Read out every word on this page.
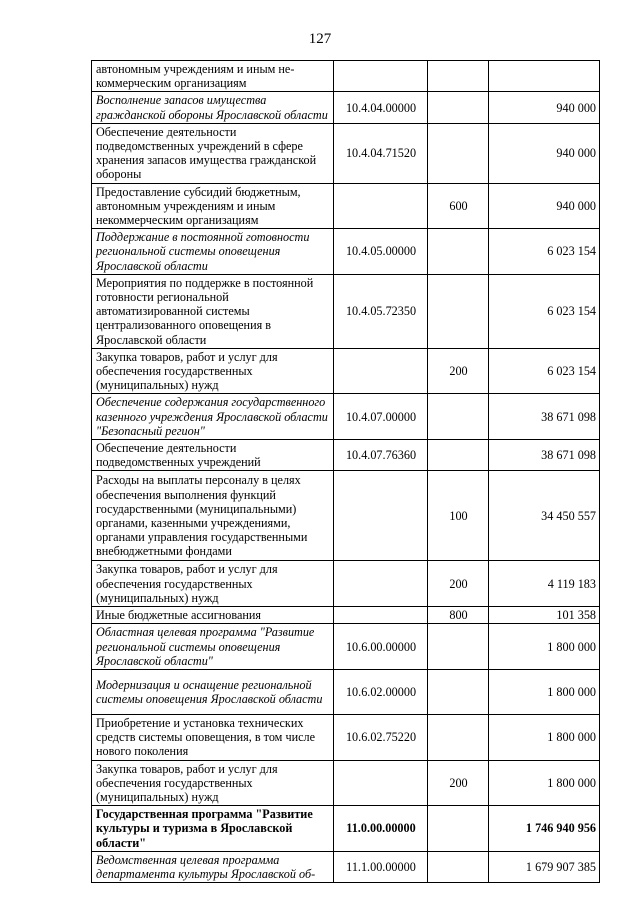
127
автономным учреждениям и иным не-коммерческим организациям			
Восполнение запасов имущества гражданской обороны Ярославской области	10.4.04.00000		940 000
Обеспечение деятельности подведомственных учреждений в сфере хранения запасов имущества гражданской обороны	10.4.04.71520		940 000
Предоставление субсидий бюджетным, автономным учреждениям и иным некоммерческим организациям		600	940 000
Поддержание в постоянной готовности региональной системы оповещения Ярославской области	10.4.05.00000		6 023 154
Мероприятия по поддержке в постоянной готовности региональной автоматизированной системы централизованного оповещения в Ярославской области	10.4.05.72350		6 023 154
Закупка товаров, работ и услуг для обеспечения государственных (муниципальных) нужд		200	6 023 154
Обеспечение содержания государственного казенного учреждения Ярославской области "Безопасный регион"	10.4.07.00000		38 671 098
Обеспечение деятельности подведомственных учреждений	10.4.07.76360		38 671 098
Расходы на выплаты персоналу в целях обеспечения выполнения функций государственными (муниципальными) органами, казенными учреждениями, органами управления государственными внебюджетными фондами		100	34 450 557
Закупка товаров, работ и услуг для обеспечения государственных (муниципальных) нужд		200	4 119 183
Иные бюджетные ассигнования		800	101 358
Областная целевая программа "Развитие региональной системы оповещения Ярославской области"	10.6.00.00000		1 800 000
Модернизация и оснащение региональной системы оповещения Ярославской области	10.6.02.00000		1 800 000
Приобретение и установка технических средств системы оповещения, в том числе нового поколения	10.6.02.75220		1 800 000
Закупка товаров, работ и услуг для обеспечения государственных (муниципальных) нужд		200	1 800 000
Государственная программа "Развитие культуры и туризма в Ярославской области"	11.0.00.00000		1 746 940 956
Ведомственная целевая программа департамента культуры Ярославской об-	11.1.00.00000		1 679 907 385
